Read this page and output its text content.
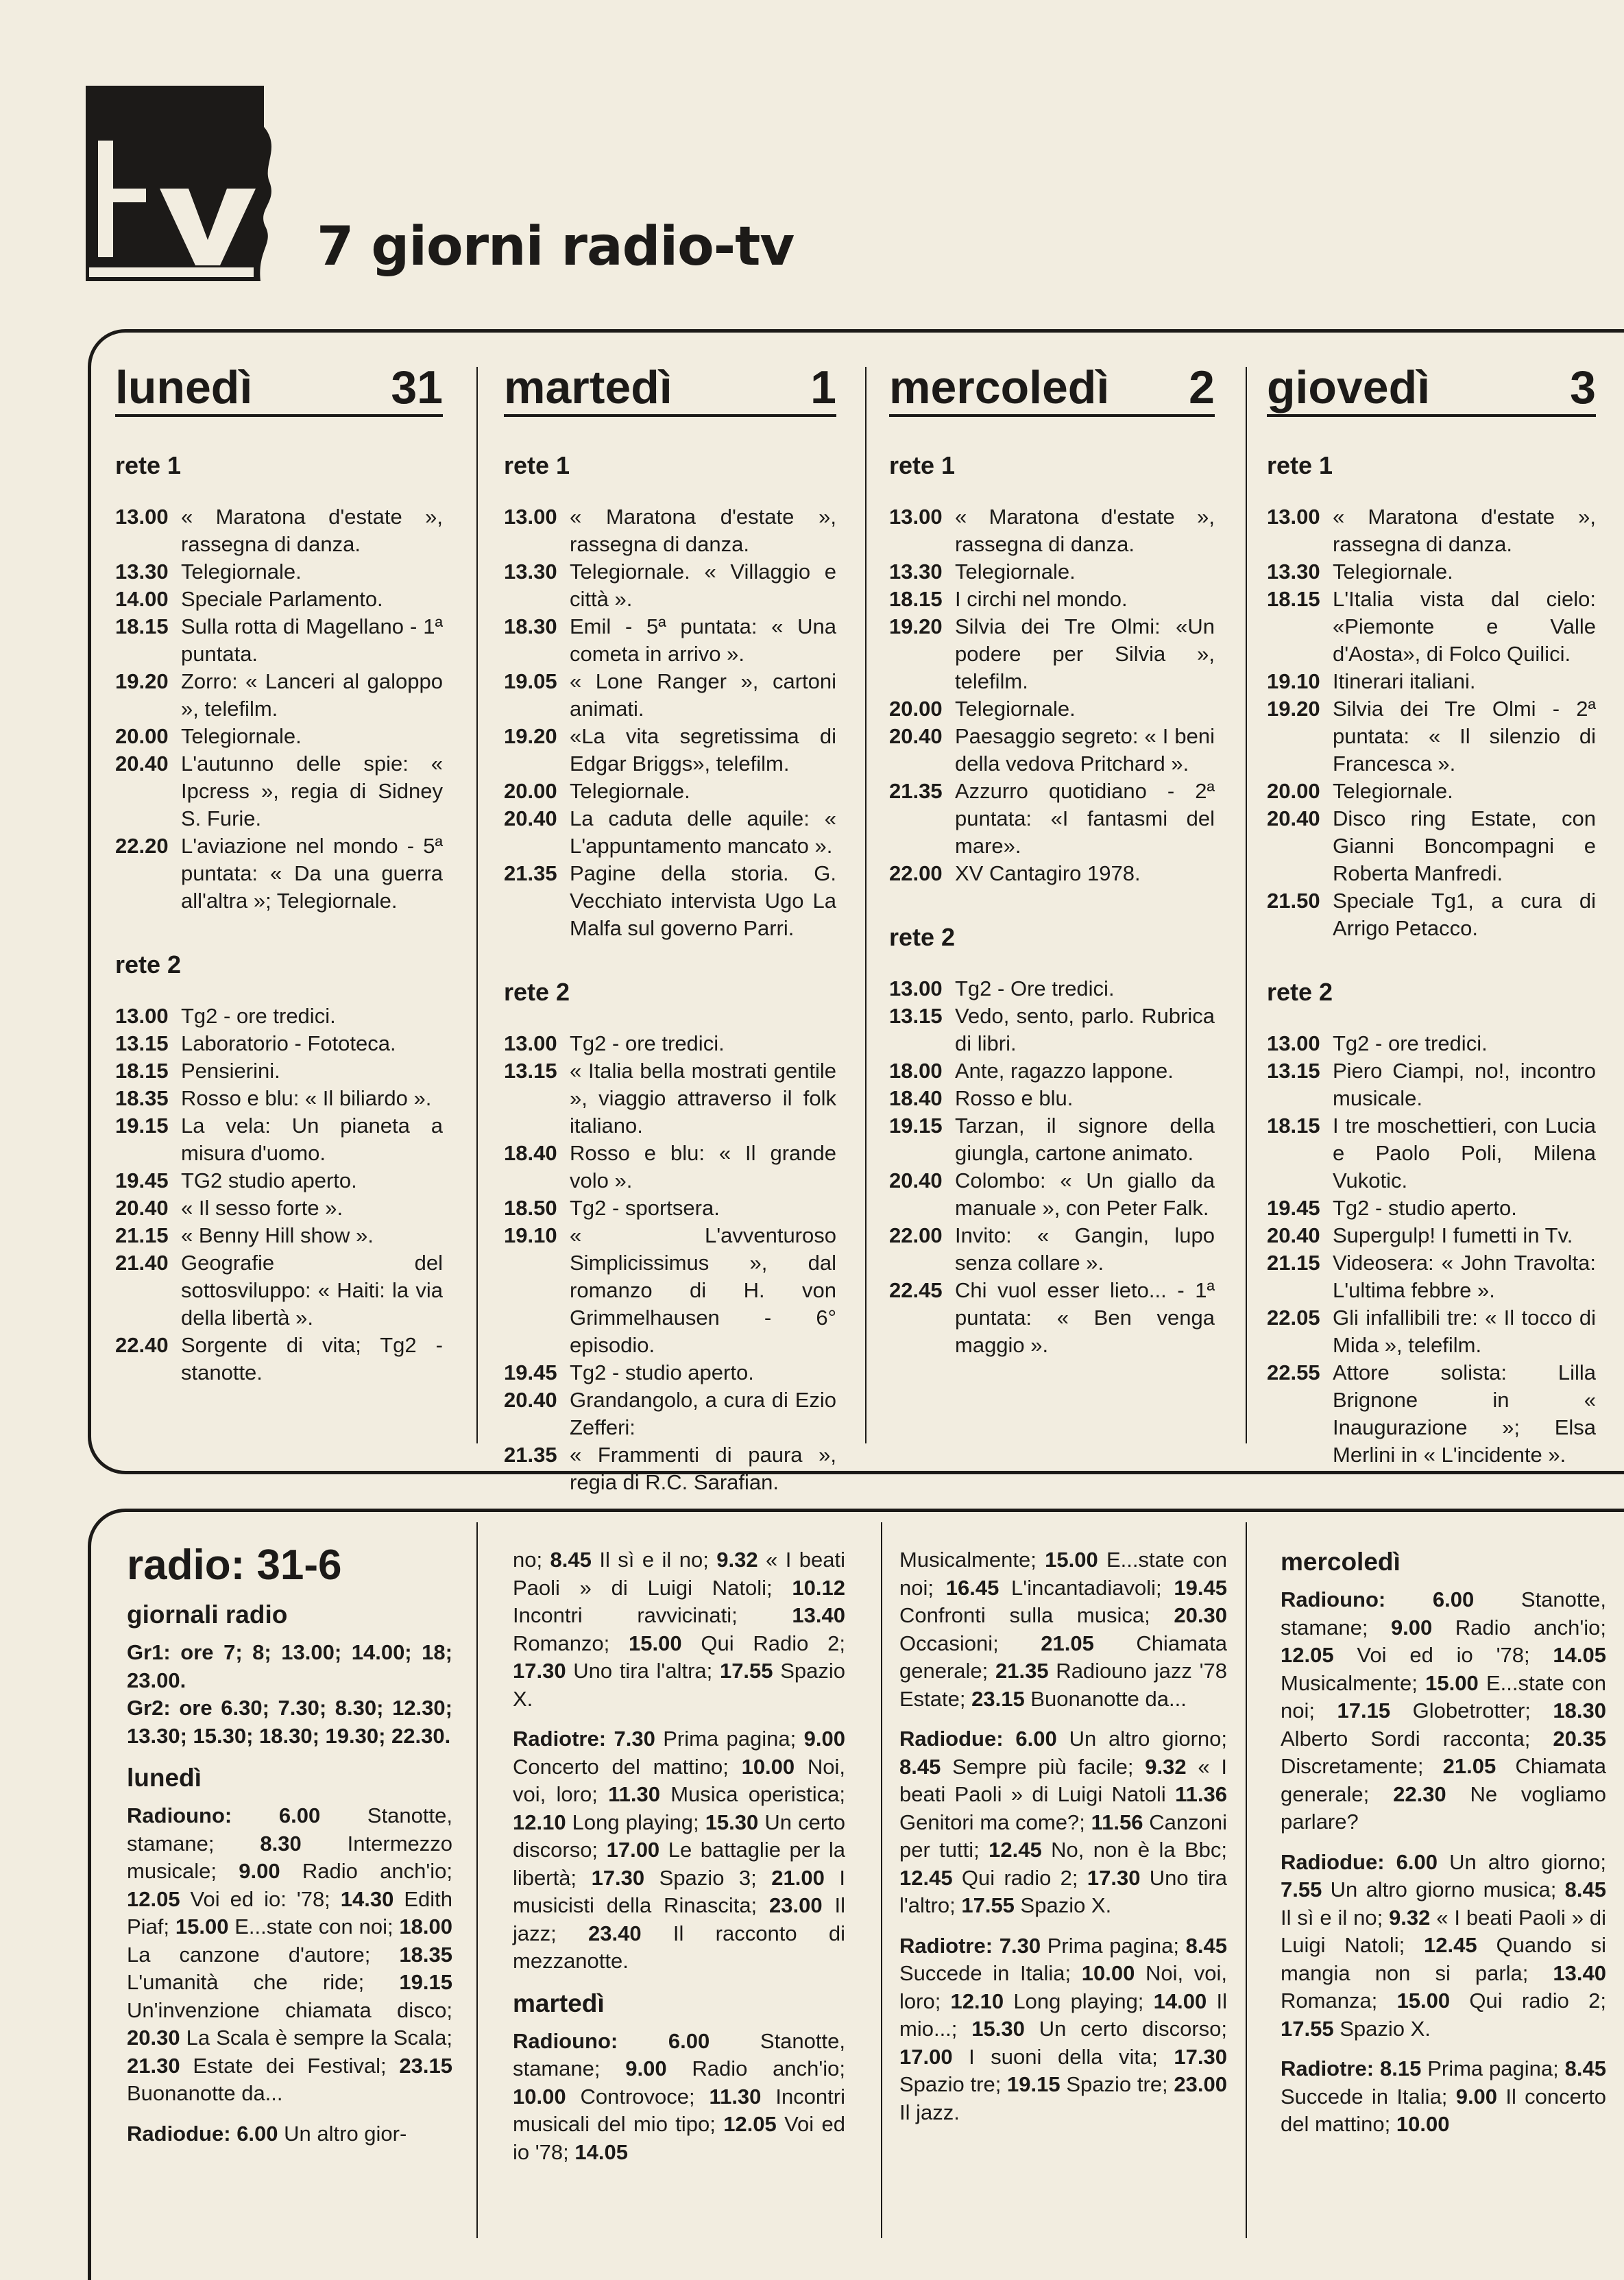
7 giorni radio-tv
lunedì	31
rete 1
13.00 « Maratona d'estate », rassegna di danza.
13.30 Telegiornale.
14.00 Speciale Parlamento.
18.15 Sulla rotta di Magellano - 1ª puntata.
19.20 Zorro: « Lanceri al galoppo », telefilm.
20.00 Telegiornale.
20.40 L'autunno delle spie: « Ipcress », regia di Sidney S. Furie.
22.20 L'aviazione nel mondo - 5ª puntata: « Da una guerra all'altra »; Telegiornale.
rete 2
13.00 Tg2 - ore tredici.
13.15 Laboratorio - Fototeca.
18.15 Pensierini.
18.35 Rosso e blu: « Il biliardo ».
19.15 La vela: Un pianeta a misura d'uomo.
19.45 TG2 studio aperto.
20.40 « Il sesso forte ».
21.15 « Benny Hill show ».
21.40 Geografie del sottosviluppo: « Haiti: la via della libertà ».
22.40 Sorgente di vita; Tg2 - stanotte.
martedì	1
rete 1
13.00 « Maratona d'estate », rassegna di danza.
13.30 Telegiornale. « Villaggio e città ».
18.30 Emil - 5ª puntata: « Una cometa in arrivo ».
19.05 « Lone Ranger », cartoni animati.
19.20 «La vita segretissima di Edgar Briggs», telefilm.
20.00 Telegiornale.
20.40 La caduta delle aquile: « L'appuntamento mancato ».
21.35 Pagine della storia. G. Vecchiato intervista Ugo La Malfa sul governo Parri.
rete 2
13.00 Tg2 - ore tredici.
13.15 « Italia bella mostrati gentile », viaggio attraverso il folk italiano.
18.40 Rosso e blu: « Il grande volo ».
18.50 Tg2 - sportsera.
19.10 « L'avventuroso Simplicissimus », dal romanzo di H. von Grimmelhausen - 6° episodio.
19.45 Tg2 - studio aperto.
20.40 Grandangolo, a cura di Ezio Zefferi:
21.35 « Frammenti di paura », regia di R.C. Sarafian.
mercoledì 2
rete 1
13.00 « Maratona d'estate », rassegna di danza.
13.30 Telegiornale.
18.15 I circhi nel mondo.
19.20 Silvia dei Tre Olmi: «Un podere per Silvia », telefilm.
20.00 Telegiornale.
20.40 Paesaggio segreto: « I beni della vedova Pritchard ».
21.35 Azzurro quotidiano - 2ª puntata: «I fantasmi del mare».
22.00 XV Cantagiro 1978.
rete 2
13.00 Tg2 - Ore tredici.
13.15 Vedo, sento, parlo. Rubrica di libri.
18.00 Ante, ragazzo lappone.
18.40 Rosso e blu.
19.15 Tarzan, il signore della giungla, cartone animato.
20.40 Colombo: « Un giallo da manuale », con Peter Falk.
22.00 Invito: « Gangin, lupo senza collare ».
22.45 Chi vuol esser lieto... - 1ª puntata: « Ben venga maggio ».
giovedì	3
rete 1
13.00 « Maratona d'estate », rassegna di danza.
13.30 Telegiornale.
18.15 L'Italia vista dal cielo: «Piemonte e Valle d'Aosta», di Folco Quilici.
19.10 Itinerari italiani.
19.20 Silvia dei Tre Olmi - 2ª puntata: « Il silenzio di Francesca ».
20.00 Telegiornale.
20.40 Disco ring Estate, con Gianni Boncompagni e Roberta Manfredi.
21.50 Speciale Tg1, a cura di Arrigo Petacco.
rete 2
13.00 Tg2 - ore tredici.
13.15 Piero Ciampi, no!, incontro musicale.
18.15 I tre moschettieri, con Lucia e Paolo Poli, Milena Vukotic.
19.45 Tg2 - studio aperto.
20.40 Supergulp! I fumetti in Tv.
21.15 Videosera: « John Travolta: L'ultima febbre ».
22.05 Gli infallibili tre: « Il tocco di Mida », telefilm.
22.55 Attore solista: Lilla Brignone in « Inaugurazione »; Elsa Merlini in « L'incidente ».
radio: 31-6
giornali radio
Gr1: ore 7; 8; 13.00; 14.00; 18; 23.00.
Gr2: ore 6.30; 7.30; 8.30; 12.30; 13.30; 15.30; 18.30; 19.30; 22.30.
lunedì
Radiouno: 6.00 Stanotte, stamane; 8.30 Intermezzo musicale; 9.00 Radio anch'io; 12.05 Voi ed io: '78; 14.30 Edith Piaf; 15.00 E...state con noi; 18.00 La canzone d'autore; 18.35 L'umanità che ride; 19.15 Un'invenzione chiamata disco; 20.30 La Scala è sempre la Scala; 21.30 Estate dei Festival; 23.15 Buonanotte da...
Radiodue: 6.00 Un altro gior-
no; 8.45 Il sì e il no; 9.32 « I beati Paoli » di Luigi Natoli; 10.12 Incontri ravvicinati; 13.40 Romanzo; 15.00 Qui Radio 2; 17.30 Uno tira l'altra; 17.55 Spazio X.
Radiotre: 7.30 Prima pagina; 9.00 Concerto del mattino; 10.00 Noi, voi, loro; 11.30 Musica operistica; 12.10 Long playing; 15.30 Un certo discorso; 17.00 Le battaglie per la libertà; 17.30 Spazio 3; 21.00 I musicisti della Rinascita; 23.00 Il jazz; 23.40 Il racconto di mezzanotte.
martedì
Radiouno: 6.00 Stanotte, stamane; 9.00 Radio anch'io; 10.00 Controvoce; 11.30 Incontri musicali del mio tipo; 12.05 Voi ed io '78; 14.05
Musicalmente; 15.00 E...state con noi; 16.45 L'incantadiavoli; 19.45 Confronti sulla musica; 20.30 Occasioni; 21.05 Chiamata generale; 21.35 Radiouno jazz '78 Estate; 23.15 Buonanotte da...
Radiodue: 6.00 Un altro giorno; 8.45 Sempre più facile; 9.32 « I beati Paoli » di Luigi Natoli 11.36 Genitori ma come?; 11.56 Canzoni per tutti; 12.45 No, non è la Bbc; 12.45 Qui radio 2; 17.30 Uno tira l'altro; 17.55 Spazio X.
Radiotre: 7.30 Prima pagina; 8.45 Succede in Italia; 10.00 Noi, voi, loro; 12.10 Long playing; 14.00 Il mio...; 15.30 Un certo discorso; 17.00 I suoni della vita; 17.30 Spazio tre; 19.15 Spazio tre; 23.00 Il jazz.
mercoledì
Radiouno: 6.00 Stanotte, stamane; 9.00 Radio anch'io; 12.05 Voi ed io '78; 14.05 Musicalmente; 15.00 E...state con noi; 17.15 Globetrotter; 18.30 Alberto Sordi racconta; 20.35 Discretamente; 21.05 Chiamata generale; 22.30 Ne vogliamo parlare?
Radiodue: 6.00 Un altro giorno; 7.55 Un altro giorno musica; 8.45 Il sì e il no; 9.32 « I beati Paoli » di Luigi Natoli; 12.45 Quando si mangia non si parla; 13.40 Romanza; 15.00 Qui radio 2; 17.55 Spazio X.
Radiotre: 8.15 Prima pagina; 8.45 Succede in Italia; 9.00 Il concerto del mattino; 10.00
